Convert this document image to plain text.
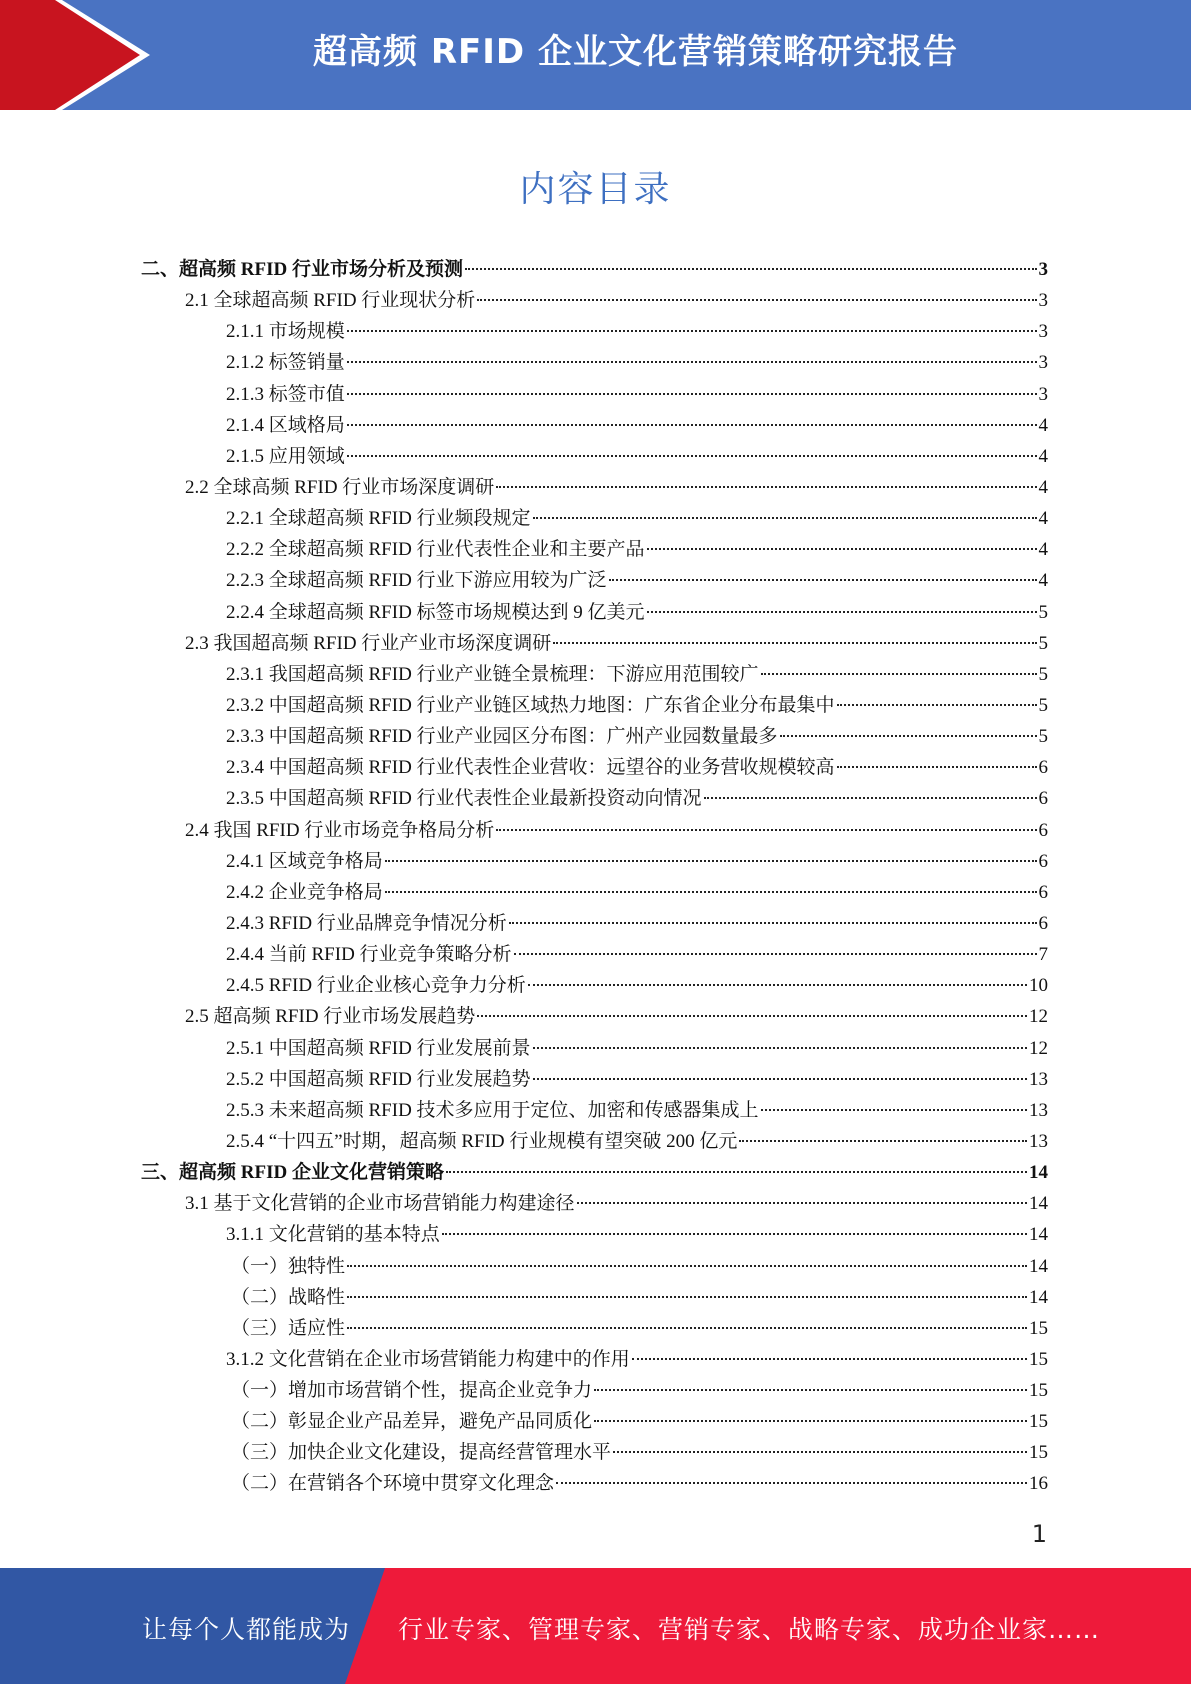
超高频 RFID 企业文化营销策略研究报告
内容目录
二、超高频 RFID 行业市场分析及预测	3
2.1 全球超高频 RFID 行业现状分析	3
2.1.1 市场规模	3
2.1.2 标签销量	3
2.1.3 标签市值	3
2.1.4 区域格局	4
2.1.5 应用领域	4
2.2 全球高频 RFID 行业市场深度调研	4
2.2.1 全球超高频 RFID 行业频段规定	4
2.2.2 全球超高频 RFID 行业代表性企业和主要产品	4
2.2.3 全球超高频 RFID 行业下游应用较为广泛	4
2.2.4 全球超高频 RFID 标签市场规模达到 9 亿美元	5
2.3 我国超高频 RFID 行业产业市场深度调研	5
2.3.1 我国超高频 RFID 行业产业链全景梳理：下游应用范围较广	5
2.3.2 中国超高频 RFID 行业产业链区域热力地图：广东省企业分布最集中	5
2.3.3 中国超高频 RFID 行业产业园区分布图：广州产业园数量最多	5
2.3.4 中国超高频 RFID 行业代表性企业营收：远望谷的业务营收规模较高	6
2.3.5 中国超高频 RFID 行业代表性企业最新投资动向情况	6
2.4 我国 RFID 行业市场竞争格局分析	6
2.4.1 区域竞争格局	6
2.4.2 企业竞争格局	6
2.4.3 RFID 行业品牌竞争情况分析	6
2.4.4 当前 RFID 行业竞争策略分析	7
2.4.5 RFID 行业企业核心竞争力分析	10
2.5 超高频 RFID 行业市场发展趋势	12
2.5.1 中国超高频 RFID 行业发展前景	12
2.5.2 中国超高频 RFID 行业发展趋势	13
2.5.3 未来超高频 RFID 技术多应用于定位、加密和传感器集成上	13
2.5.4 “十四五”时期，超高频 RFID 行业规模有望突破 200 亿元	13
三、超高频 RFID 企业文化营销策略	14
3.1 基于文化营销的企业市场营销能力构建途径	14
3.1.1 文化营销的基本特点	14
（一）独特性	14
（二）战略性	14
（三）适应性	15
3.1.2 文化营销在企业市场营销能力构建中的作用	15
（一）增加市场营销个性，提高企业竞争力	15
（二）彰显企业产品差异，避免产品同质化	15
（三）加快企业文化建设，提高经营管理水平	15
（二）在营销各个环境中贯穿文化理念	16
1
让每个人都能成为 行业专家、管理专家、营销专家、战略专家、成功企业家……
